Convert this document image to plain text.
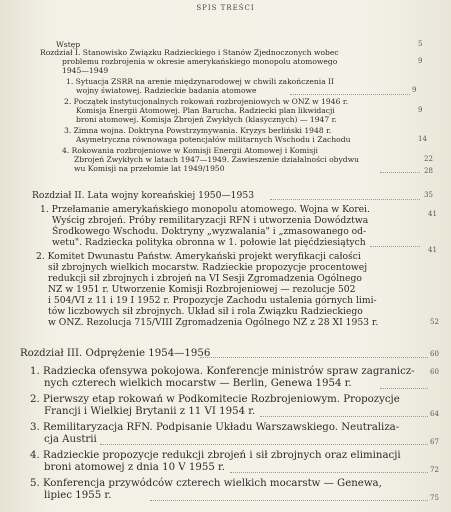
SPIS TREŚCI
Wstęp
Rozdział I. Stanowisko Związku Radzieckiego i Stanów Zjednoczonych wobec
problemu rozbrojenia w okresie amerykańskiego monopolu atomowego
1945—1949
1. Sytuacja ZSRR na arenie międzynarodowej w chwili zakończenia II
wojny światowej. Radzieckie badania atomowe
2. Początek instytucjonalnych rokowań rozbrojeniowych w ONZ w 1946 r.
Komisja Energii Atomowej. Plan Barucha. Radziecki plan likwidacji
broni atomowej. Komisja Zbrojeń Zwykłych (klasycznych) — 1947 r.
3. Zimna wojna. Doktryna Powstrzymywania. Kryzys berliński 1948 r.
Asymetryczna równowaga potencjałów militarnych Wschodu i Zachodu
4. Rokowania rozbrojeniowe w Komisji Energii Atomowej i Komisji
Zbrojeń Zwykłych w latach 1947—1949. Zawieszenie działalności obydwu
wu Komisji na przełomie lat 1949/1950
Rozdział II. Lata wojny koreańskiej 1950—1953
1. Przełamanie amerykańskiego monopolu atomowego. Wojna w Korei.
Wyścig zbrojeń. Próby remilitaryzacji RFN i utworzenia Dowództwa
Środkowego Wschodu. Doktryny „wyzwalania" i „zmasowanego od-
wetu". Radziecka polityka obronna w 1. połowie lat pięćdziesiątych
2. Komitet Dwunastu Państw. Amerykański projekt weryfikacji całości
sił zbrojnych wielkich mocarstw. Radzieckie propozycje procentowej
redukcji sił zbrojnych i zbrojeń na VI Sesji Zgromadzenia Ogólnego
NZ w 1951 r. Utworzenie Komisji Rozbrojeniowej — rezolucje 502
i 504/VI z 11 i 19 I 1952 r. Propozycje Zachodu ustalenia górnych limi-
tów liczbowych sił zbrojnych. Układ sił i rola Związku Radzieckiego
w ONZ. Rezolucja 715/VIII Zgromadzenia Ogólnego NZ z 28 XI 1953 r.
Rozdział III. Odprężenie 1954—1956
1. Radziecka ofensywa pokojowa. Konferencje ministrów spraw zagranicz-
nych czterech wielkich mocarstw — Berlin, Genewa 1954 r.
2. Pierwszy etap rokowań w Podkomitecie Rozbrojeniowym. Propozycje
Francji i Wielkiej Brytanii z 11 VI 1954 r.
3. Remilitaryzacja RFN. Podpisanie Układu Warszawskiego. Neutraliza-
cja Austrii
4. Radzieckie propozycje redukcji zbrojeń i sił zbrojnych oraz eliminacji
broni atomowej z dnia 10 V 1955 r.
5. Konferencja przywódców czterech wielkich mocarstw — Genewa,
lipiec 1955 r.
5
9
9
9
14
22
28
35
41
41
52
60
60
64
67
72
75
